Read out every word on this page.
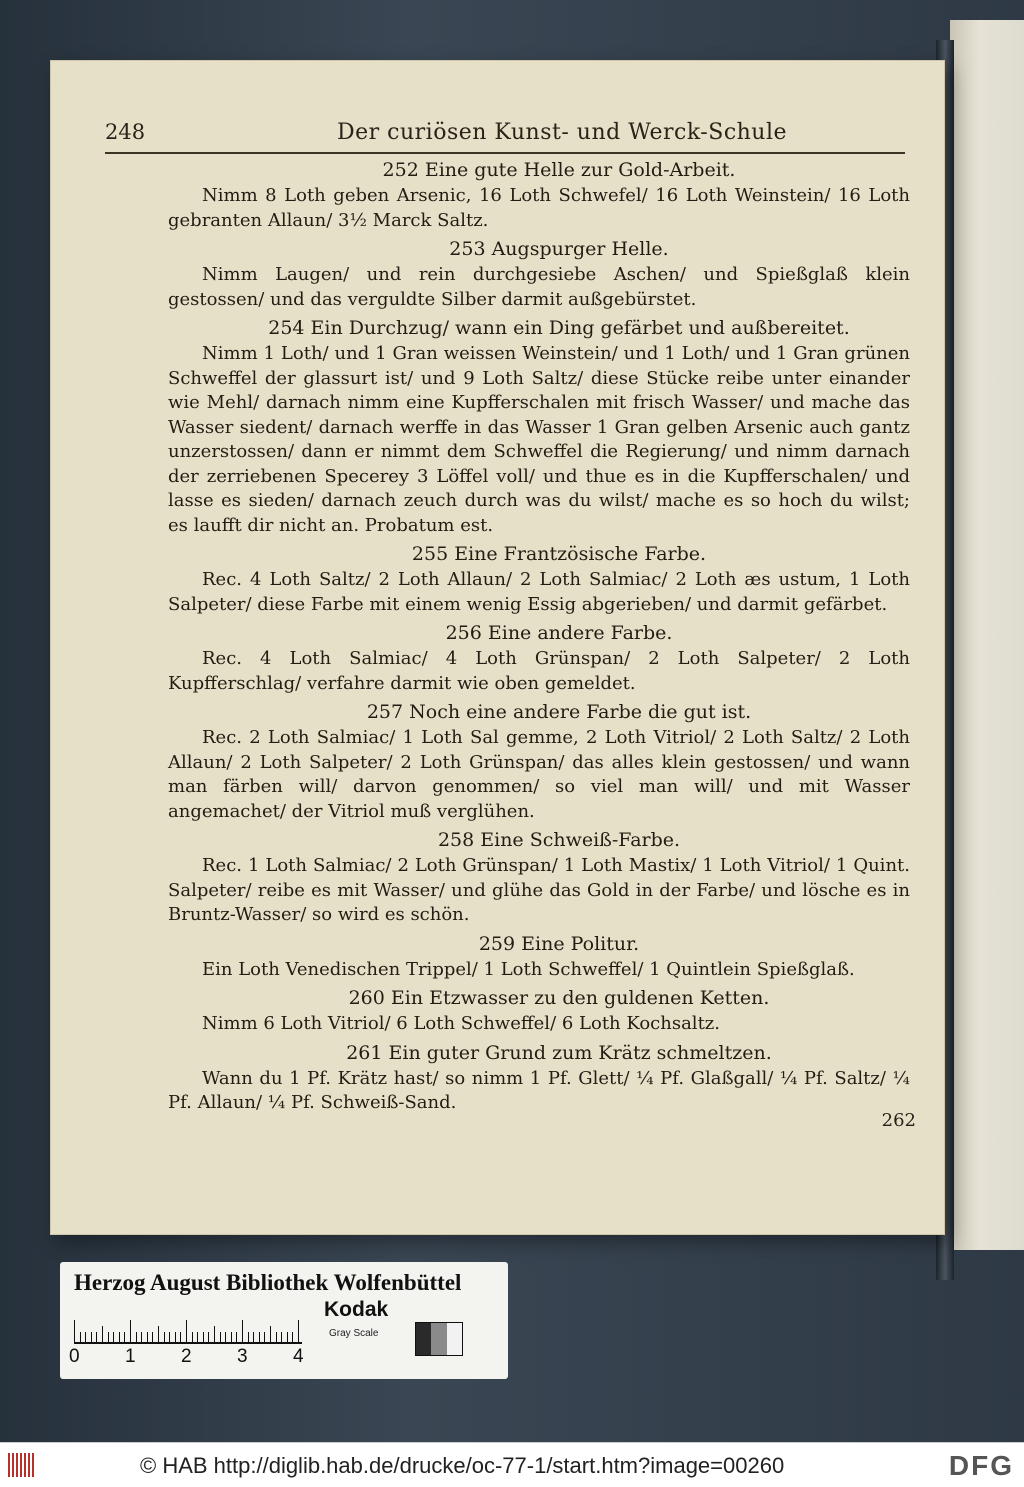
248	Der curiösen Kunst- und Werck-Schule
252 Eine gute Helle zur Gold-Arbeit.

Nimm 8 Loth geben Arsenic, 16 Loth Schwefel/ 16 Loth Weinstein/ 16 Loth gebranten Allaun/ 3½ Marck Saltz.

253 Augspurger Helle.

Nimm Laugen/ und rein durchgesiebe Aschen/ und Spießglaß klein gestossen/ und das verguldte Silber darmit außgebürstet.

254 Ein Durchzug/ wann ein Ding gefärbet und außbereitet.

Nimm 1 Loth/ und 1 Gran weissen Weinstein/ und 1 Loth/ und 1 Gran grünen Schweffel der glassurt ist/ und 9 Loth Saltz/ diese Stücke reibe unter einander wie Mehl/ darnach nimm eine Kupfferschalen mit frisch Wasser/ und mache das Wasser siedent/ darnach werffe in das Wasser 1 Gran gelben Arsenic auch gantz unzerstossen/ dann er nimmt dem Schweffel die Regierung/ und nimm darnach der zerriebenen Specerey 3 Löffel voll/ und thue es in die Kupfferschalen/ und lasse es sieden/ darnach zeuch durch was du wilst/ mache es so hoch du wilst; es laufft dir nicht an. Probatum est.

255 Eine Frantzösische Farbe.

Rec. 4 Loth Saltz/ 2 Loth Allaun/ 2 Loth Salmiac/ 2 Loth æs ustum, 1 Loth Salpeter/ diese Farbe mit einem wenig Essig abgerieben/ und darmit gefärbet.

256 Eine andere Farbe.

Rec. 4 Loth Salmiac/ 4 Loth Grünspan/ 2 Loth Salpeter/ 2 Loth Kupfferschlag/ verfahre darmit wie oben gemeldet.

257 Noch eine andere Farbe die gut ist.

Rec. 2 Loth Salmiac/ 1 Loth Sal gemme, 2 Loth Vitriol/ 2 Loth Saltz/ 2 Loth Allaun/ 2 Loth Salpeter/ 2 Loth Grünspan/ das alles klein gestossen/ und wann man färben will/ darvon genommen/ so viel man will/ und mit Wasser angemachet/ der Vitriol muß verglühen.

258 Eine Schweiß-Farbe.

Rec. 1 Loth Salmiac/ 2 Loth Grünspan/ 1 Loth Mastix/ 1 Loth Vitriol/ 1 Quint. Salpeter/ reibe es mit Wasser/ und glühe das Gold in der Farbe/ und lösche es in Bruntz-Wasser/ so wird es schön.

259 Eine Politur.

Ein Loth Venedischen Trippel/ 1 Loth Schweffel/ 1 Quintlein Spießglaß.

260 Ein Etzwasser zu den guldenen Ketten.

Nimm 6 Loth Vitriol/ 6 Loth Schweffel/ 6 Loth Kochsaltz.

261 Ein guter Grund zum Krätz schmeltzen.

Wann du 1 Pf. Krätz hast/ so nimm 1 Pf. Glett/ ¼ Pf. Glaßgall/ ¼ Pf. Saltz/ ¼ Pf. Allaun/ ¼ Pf. Schweiß-Sand.

262
Herzog August Bibliothek Wolfenbüttel
0 1 2 3 4
Kodak
Gray Scale
© HAB http://diglib.hab.de/drucke/oc-77-1/start.htm?image=00260	DFG
